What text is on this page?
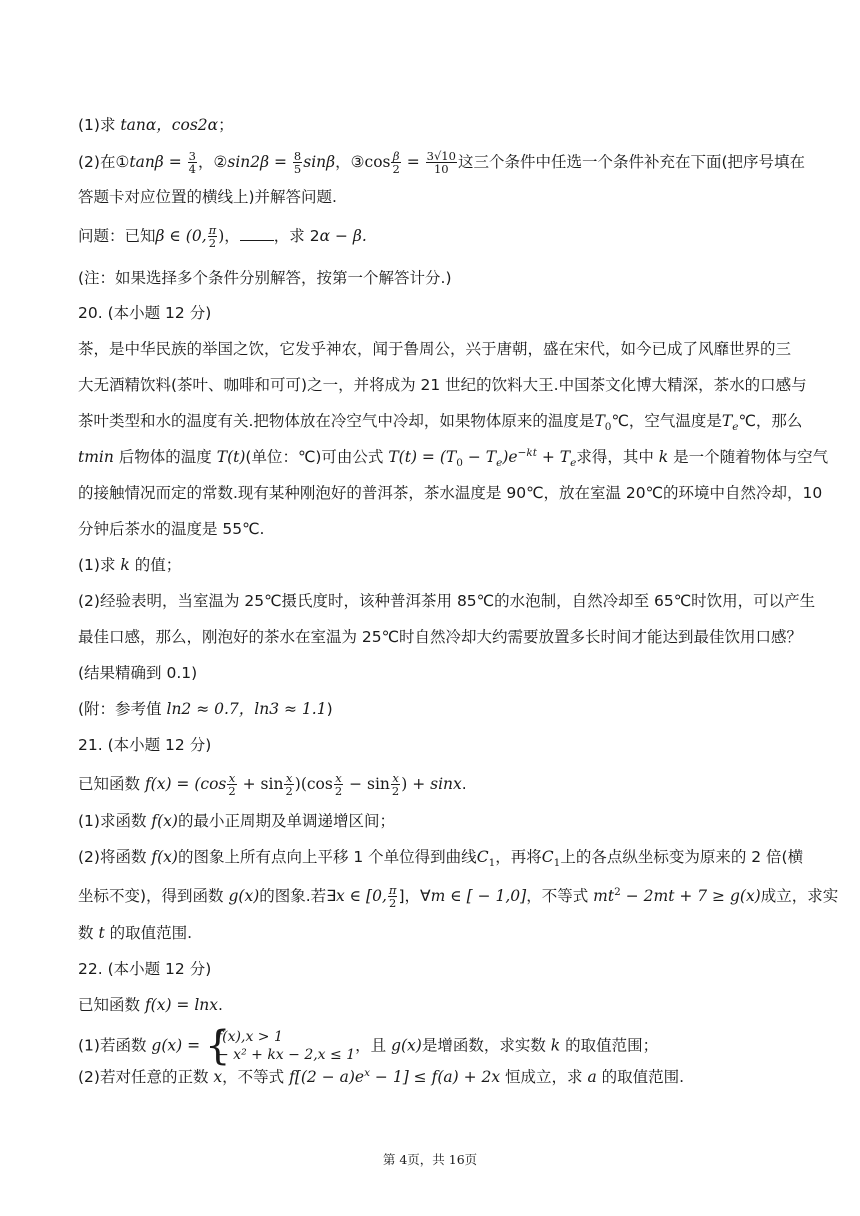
(1)求 tanα，cos2α；
(2)在①tanβ = $\frac{3}{4}$ ，②sin2β = $\frac{8}{5}$ sinβ，③cos $\frac{\beta}{2} = \frac{3√10}{10}$ 这三个条件中任选一个条件补充在下面(把序号填在
答题卡对应位置的横线上)并解答问题.
问题：已知β ∈ (0, $\frac{\pi}{2}$ )， ，求 2α − β.
(注：如果选择多个条件分别解答，按第一个解答计分.)
20. (本小题 12 分)
茶，是中华民族的举国之饮，它发乎神农，闻于鲁周公，兴于唐朝，盛在宋代，如今已成了风靡世界的三
大无酒精饮料(茶叶、咖啡和可可)之一，并将成为 21 世纪的饮料大王.中国茶文化博大精深，茶水的口感与
茶叶类型和水的温度有关.把物体放在冷空气中冷却，如果物体原来的温度是$T_0℃$，空气温度是$T_e℃$，那么
tmin 后物体的温度 T(t)(单位：℃)可由公式 $T(t) = (T_0 - T_e)e^{-kt} + T_e$求得，其中 k 是一个随着物体与空气
的接触情况而定的常数.现有某种刚泡好的普洱茶，茶水温度是 90℃，放在室温 20℃的环境中自然冷却，10
分钟后茶水的温度是 55℃.
(1)求 k 的值；
(2)经验表明，当室温为 25℃摄氏度时，该种普洱茶用 85℃的水泡制，自然冷却至 65℃时饮用，可以产生
最佳口感，那么，刚泡好的茶水在室温为 25℃时自然冷却大约需要放置多长时间才能达到最佳饮用口感？
(结果精确到 0.1)
(附：参考值 ln2 ≈ 0.7，ln3 ≈ 1.1)
21. (本小题 12 分)
已知函数 $f(x) = (\cos \frac{x}{2} + \sin \frac{x}{2} )(\cos \frac{x}{2} - \sin \frac{x}{2}$ ) + sinx.
(1)求函数 f(x)的最小正周期及单调递增区间；
(2)将函数 f(x)的图象上所有点向上平移 1 个单位得到曲线$C_1$，再将$C_1$上的各点纵坐标变为原来的 2 倍(横
坐标不变)，得到函数 g(x)的图象.若∃x ∈ [0, $\frac{\pi}{2}$ ]，∀m ∈ [ − 1,0]，不等式 $mt^2 - 2mt + 7 \ge g(x)$成立，求实
数 t 的取值范围.
22. (本小题 12 分)
已知函数 f(x) = lnx.
(1)若函数 g(x) = {
f(x),x > 1
− x² + kx − 2,x ≤ 1
，且 g(x)是增函数，求实数 k 的取值范围；
(2)若对任意的正数 x，不等式 $f[(2 - a)e^x - 1] \le f(a) + 2x$ 恒成立，求 a 的取值范围.
第 4页，共 16页
